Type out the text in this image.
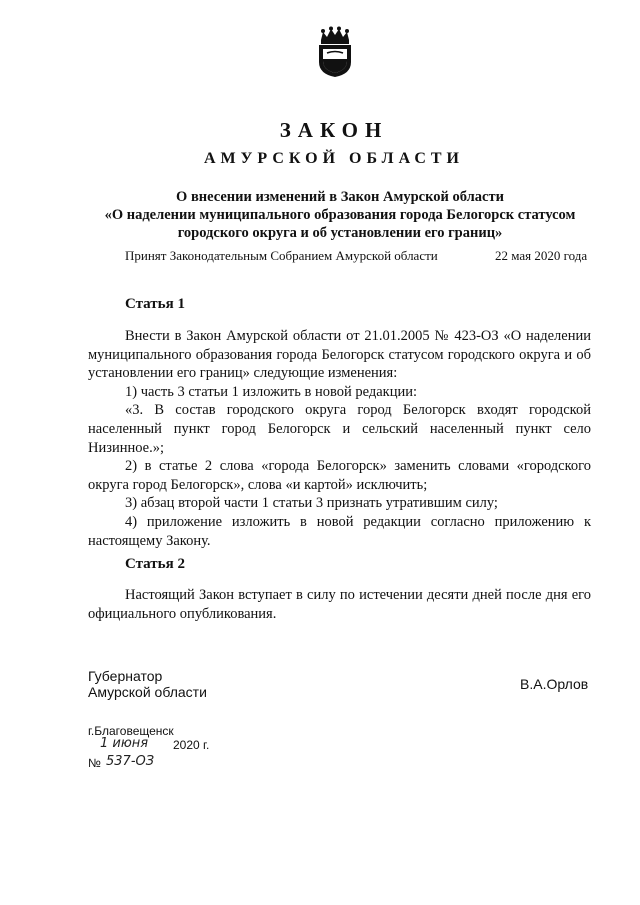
ЗАКОН
АМУРСКОЙ ОБЛАСТИ
О внесении изменений в Закон Амурской области
«О наделении муниципального образования города Белогорск статусом
городского округа и об установлении его границ»
Принят Законодательным Собранием Амурской области	22 мая 2020 года
Статья 1

Внести в Закон Амурской области от 21.01.2005 № 423-ОЗ «О наделении муниципального образования города Белогорск статусом городского округа и об установлении его границ» следующие изменения:

1) часть 3 статьи 1 изложить в новой редакции:

«3. В состав городского округа город Белогорск входят городской населенный пункт город Белогорск и сельский населенный пункт село Низинное.»;

2) в статье 2 слова «города Белогорск» заменить словами «городского округа город Белогорск», слова «и картой» исключить;

3) абзац второй части 1 статьи 3 признать утратившим силу;

4) приложение изложить в новой редакции согласно приложению к настоящему Закону.

Статья 2

Настоящий Закон вступает в силу по истечении десяти дней после дня его официального опубликования.

Губернатор
Амурской области	В.А.Орлов
г.Благовещенск
1 июня 2020 г.
№ 537-ОЗ
